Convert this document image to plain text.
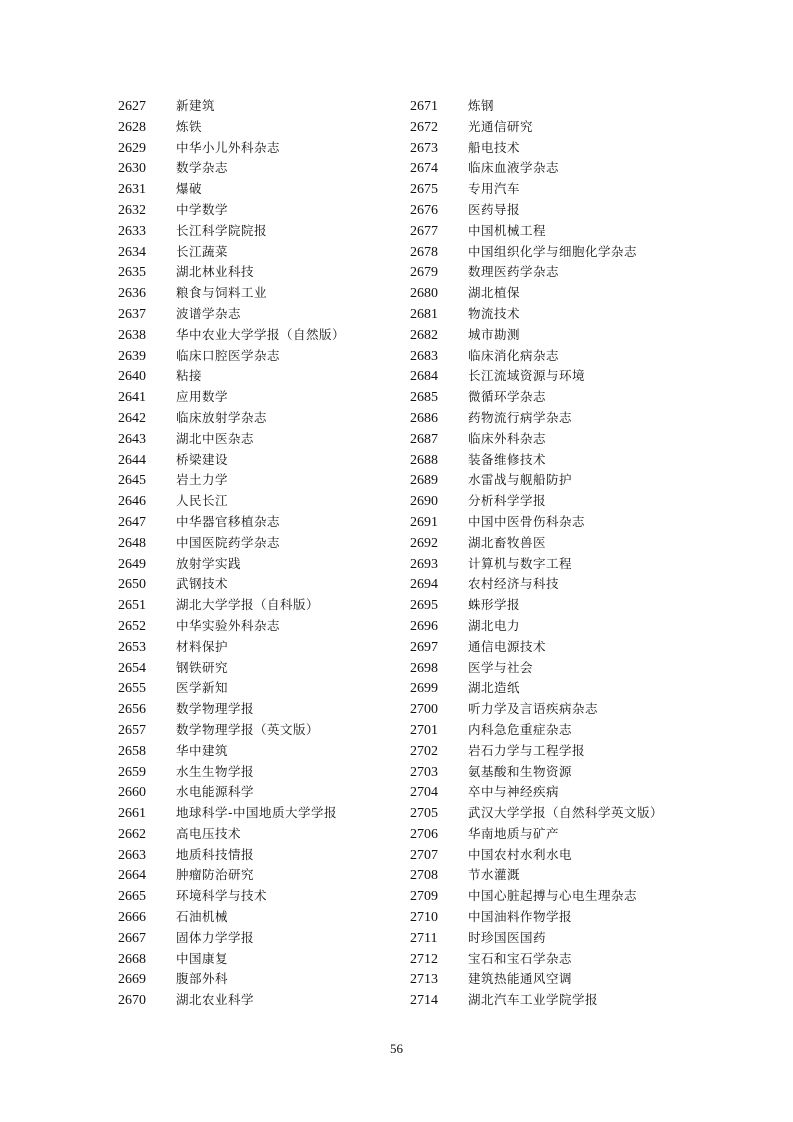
2627 新建筑
2628 炼铁
2629 中华小儿外科杂志
2630 数学杂志
2631 爆破
2632 中学数学
2633 长江科学院院报
2634 长江蔬菜
2635 湖北林业科技
2636 粮食与饲料工业
2637 波谱学杂志
2638 华中农业大学学报（自然版）
2639 临床口腔医学杂志
2640 粘接
2641 应用数学
2642 临床放射学杂志
2643 湖北中医杂志
2644 桥梁建设
2645 岩土力学
2646 人民长江
2647 中华器官移植杂志
2648 中国医院药学杂志
2649 放射学实践
2650 武钢技术
2651 湖北大学学报（自科版）
2652 中华实验外科杂志
2653 材料保护
2654 钢铁研究
2655 医学新知
2656 数学物理学报
2657 数学物理学报（英文版）
2658 华中建筑
2659 水生生物学报
2660 水电能源科学
2661 地球科学-中国地质大学学报
2662 高电压技术
2663 地质科技情报
2664 肿瘤防治研究
2665 环境科学与技术
2666 石油机械
2667 固体力学学报
2668 中国康复
2669 腹部外科
2670 湖北农业科学
2671 炼钢
2672 光通信研究
2673 船电技术
2674 临床血液学杂志
2675 专用汽车
2676 医药导报
2677 中国机械工程
2678 中国组织化学与细胞化学杂志
2679 数理医药学杂志
2680 湖北植保
2681 物流技术
2682 城市勘测
2683 临床消化病杂志
2684 长江流域资源与环境
2685 微循环学杂志
2686 药物流行病学杂志
2687 临床外科杂志
2688 装备维修技术
2689 水雷战与舰船防护
2690 分析科学学报
2691 中国中医骨伤科杂志
2692 湖北畜牧兽医
2693 计算机与数字工程
2694 农村经济与科技
2695 蛛形学报
2696 湖北电力
2697 通信电源技术
2698 医学与社会
2699 湖北造纸
2700 听力学及言语疾病杂志
2701 内科急危重症杂志
2702 岩石力学与工程学报
2703 氨基酸和生物资源
2704 卒中与神经疾病
2705 武汉大学学报（自然科学英文版）
2706 华南地质与矿产
2707 中国农村水利水电
2708 节水灌溉
2709 中国心脏起搏与心电生理杂志
2710 中国油料作物学报
2711 时珍国医国药
2712 宝石和宝石学杂志
2713 建筑热能通风空调
2714 湖北汽车工业学院学报
56
